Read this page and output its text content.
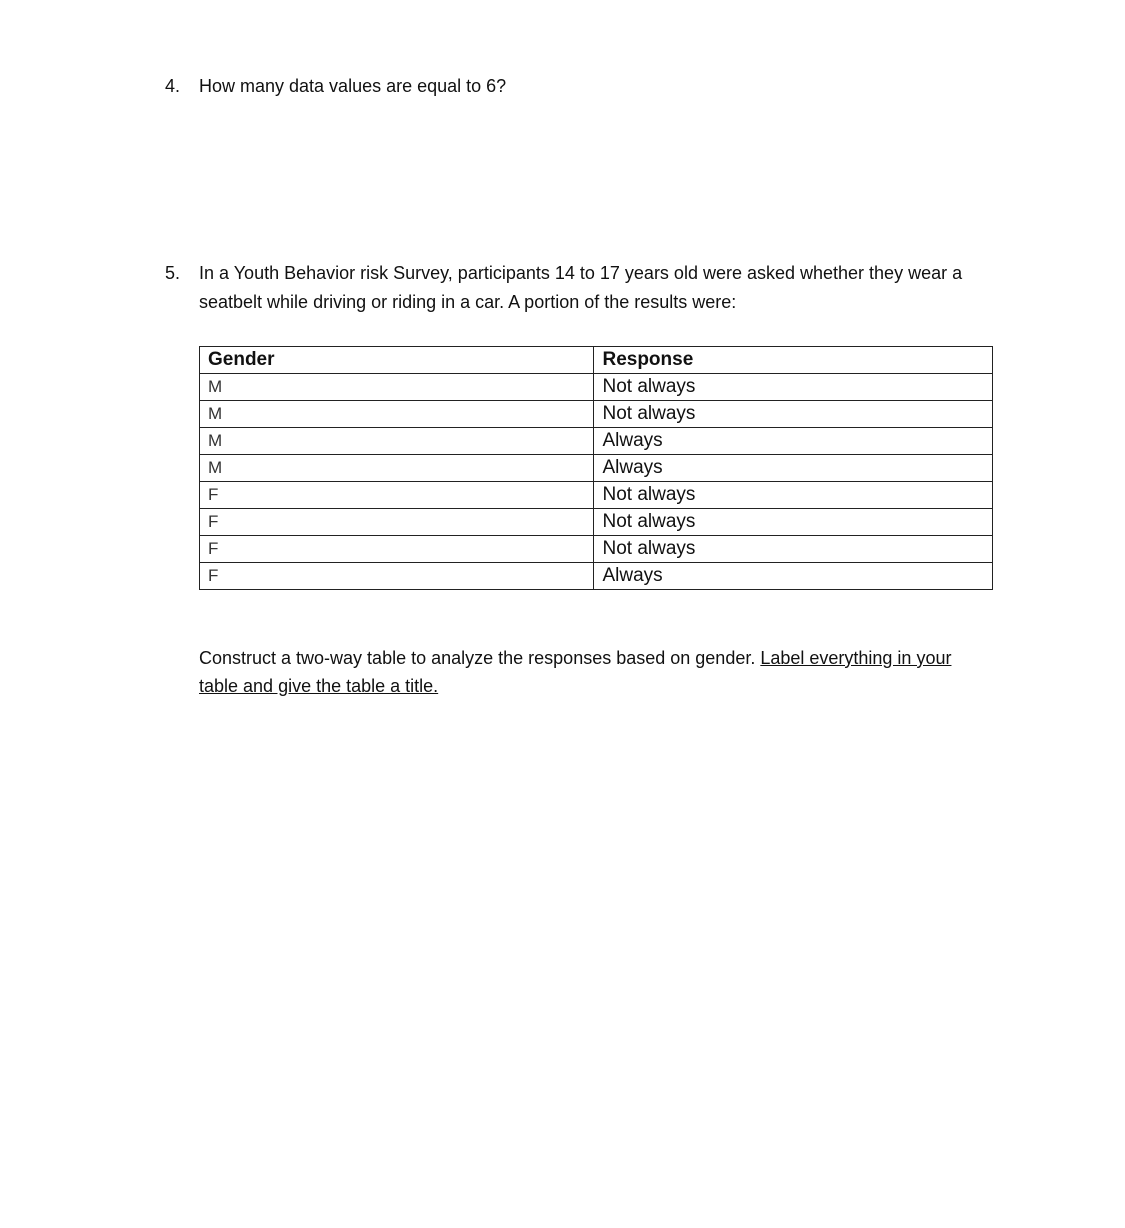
4.	How many data values are equal to 6?
5.	In a Youth Behavior risk Survey, participants 14 to 17 years old were asked whether they wear a seatbelt while driving or riding in a car. A portion of the results were:
Gender	Response
M	Not always
M	Not always
M	Always
M	Always
F	Not always
F	Not always
F	Not always
F	Always
Construct a two-way table to analyze the responses based on gender. Label everything in your table and give the table a title.
